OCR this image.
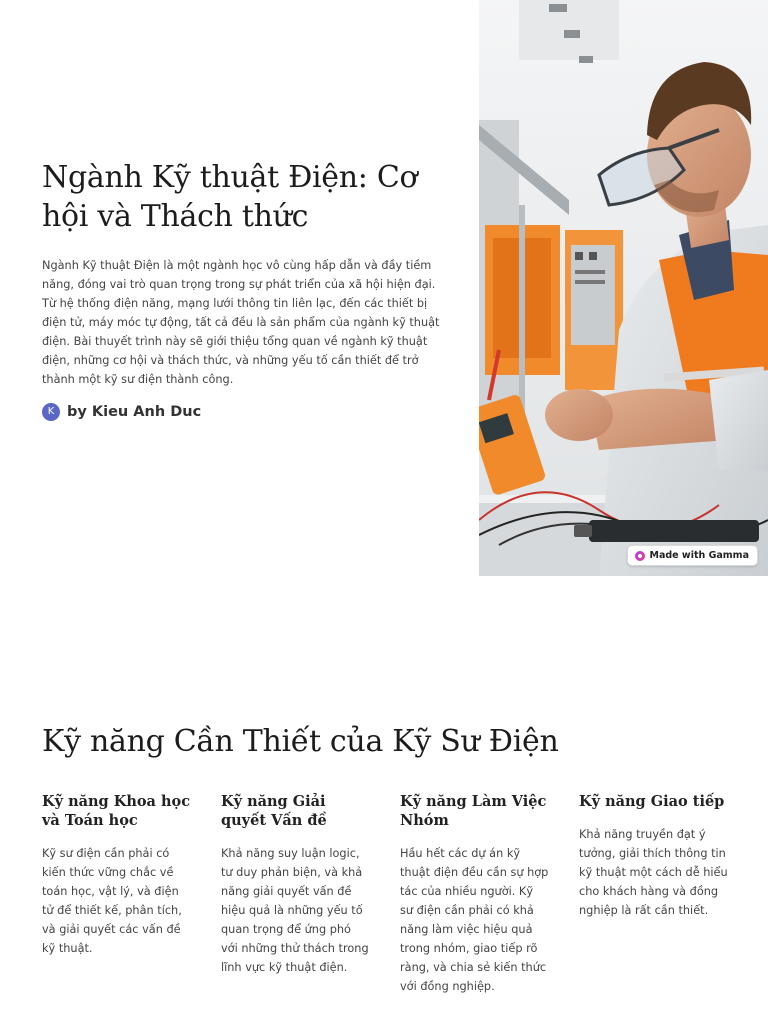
Ngành Kỹ thuật Điện: Cơ hội và Thách thức

Ngành Kỹ thuật Điện là một ngành học vô cùng hấp dẫn và đầy tiềm năng, đóng vai trò quan trọng trong sự phát triển của xã hội hiện đại. Từ hệ thống điện năng, mạng lưới thông tin liên lạc, đến các thiết bị điện tử, máy móc tự động, tất cả đều là sản phẩm của ngành kỹ thuật điện. Bài thuyết trình này sẽ giới thiệu tổng quan về ngành kỹ thuật điện, những cơ hội và thách thức, và những yếu tố cần thiết để trở thành một kỹ sư điện thành công.

K by Kieu Anh Duc
Made with Gamma
Kỹ năng Cần Thiết của Kỹ Sư Điện
Kỹ năng Khoa học và Toán học

Kỹ sư điện cần phải có kiến thức vững chắc về toán học, vật lý, và điện tử để thiết kế, phân tích, và giải quyết các vấn đề kỹ thuật.

Kỹ năng Giải quyết Vấn đề

Khả năng suy luận logic, tư duy phản biện, và khả năng giải quyết vấn đề hiệu quả là những yếu tố quan trọng để ứng phó với những thử thách trong lĩnh vực kỹ thuật điện.

Kỹ năng Làm Việc Nhóm

Hầu hết các dự án kỹ thuật điện đều cần sự hợp tác của nhiều người. Kỹ sư điện cần phải có khả năng làm việc hiệu quả trong nhóm, giao tiếp rõ ràng, và chia sẻ kiến thức với đồng nghiệp.

Kỹ năng Giao tiếp

Khả năng truyền đạt ý tưởng, giải thích thông tin kỹ thuật một cách dễ hiểu cho khách hàng và đồng nghiệp là rất cần thiết.
